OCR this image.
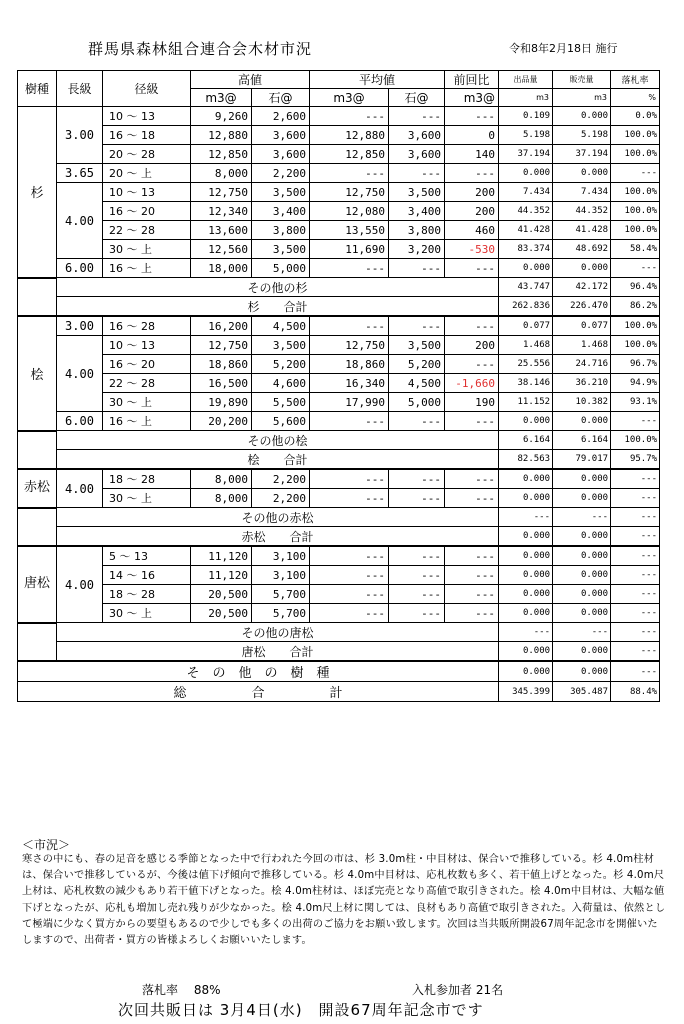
群馬県森林組合連合会木材市況	令和8年2月18日 施行
樹種	長級	径級	高値		平均値		前回比	出品量	販売量	落札率
			m3@	石@	m3@	石@	m3@	m3	m3	%
杉	3.00	10 ～ 13	9,260	2,600	---	---	---	0.109	0.000	0.0%
		16 ～ 18	12,880	3,600	12,880	3,600	0	5.198	5.198	100.0%
		20 ～ 28	12,850	3,600	12,850	3,600	140	37.194	37.194	100.0%
	3.65	20 ～ 上	8,000	2,200	---	---	---	0.000	0.000	---
	4.00	10 ～ 13	12,750	3,500	12,750	3,500	200	7.434	7.434	100.0%
		16 ～ 20	12,340	3,400	12,080	3,400	200	44.352	44.352	100.0%
		22 ～ 28	13,600	3,800	13,550	3,800	460	41.428	41.428	100.0%
		30 ～ 上	12,560	3,500	11,690	3,200	-530	83.374	48.692	58.4%
	6.00	16 ～ 上	18,000	5,000	---	---	---	0.000	0.000	---
	その他の杉							43.747	42.172	96.4%
	杉　　合計							262.836	226.470	86.2%
桧	3.00	16 ～ 28	16,200	4,500	---	---	---	0.077	0.077	100.0%
	4.00	10 ～ 13	12,750	3,500	12,750	3,500	200	1.468	1.468	100.0%
		16 ～ 20	18,860	5,200	18,860	5,200	---	25.556	24.716	96.7%
		22 ～ 28	16,500	4,600	16,340	4,500	-1,660	38.146	36.210	94.9%
		30 ～ 上	19,890	5,500	17,990	5,000	190	11.152	10.382	93.1%
	6.00	16 ～ 上	20,200	5,600	---	---	---	0.000	0.000	---
	その他の桧							6.164	6.164	100.0%
	桧　　合計							82.563	79.017	95.7%
赤松	4.00	18 ～ 28	8,000	2,200	---	---	---	0.000	0.000	---
		30 ～ 上	8,000	2,200	---	---	---	0.000	0.000	---
	その他の赤松							---	---	---
	赤松　　合計							0.000	0.000	---
唐松	4.00	5 ～ 13	11,120	3,100	---	---	---	0.000	0.000	---
		14 ～ 16	11,120	3,100	---	---	---	0.000	0.000	---
		18 ～ 28	20,500	5,700	---	---	---	0.000	0.000	---
		30 ～ 上	20,500	5,700	---	---	---	0.000	0.000	---
	その他の唐松							---	---	---
	唐松　　合計							0.000	0.000	---
そ　の　他　の　樹　種								0.000	0.000	---
総　　　　　合　　　　　計								345.399	305.487	88.4%
＜市況＞
寒さの中にも、春の足音を感じる季節となった中で行われた今回の市は、杉 3.0m柱・中目材は、保合いで推移している。杉 4.0m柱材は、保合いで推移しているが、今後は値下げ傾向で推移している。杉 4.0m中目材は、応札枚数も多く、若干値上げとなった。杉 4.0m尺上材は、応札枚数の減少もあり若干値下げとなった。桧 4.0m柱材は、ほぼ完売となり高値で取引きされた。桧 4.0m中目材は、大幅な値下げとなったが、応札も増加し売れ残りが少なかった。桧 4.0m尺上材に関しては、良材もあり高値で取引きされた。入荷量は、依然として極端に少なく買方からの要望もあるので少しでも多くの出荷のご協力をお願い致します。次回は当共販所開設67周年記念市を開催いたしますので、出荷者・買方の皆様よろしくお願いいたします。
落札率　 88%	入札参加者 21名
次回共販日は 3月4日(水)　開設67周年記念市です
